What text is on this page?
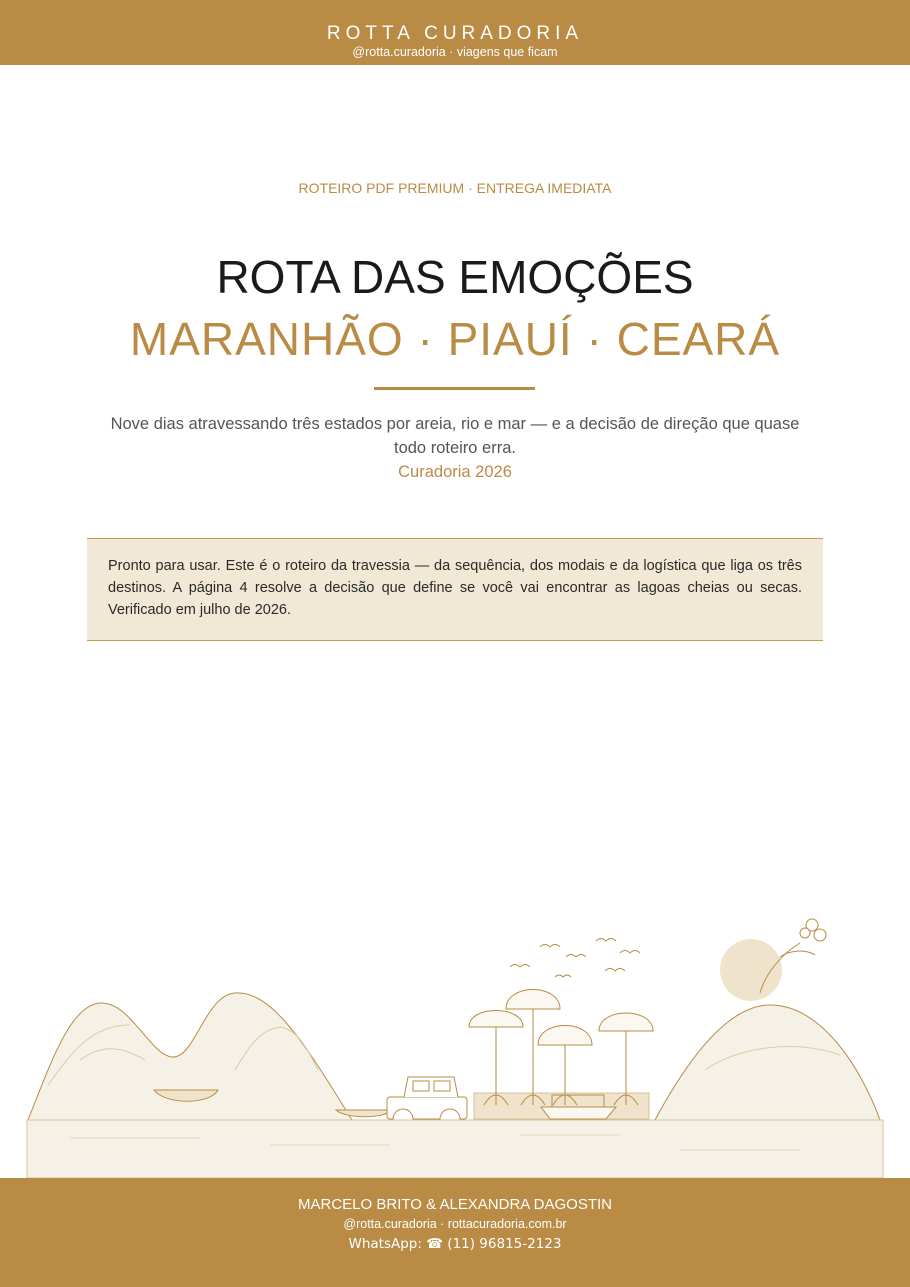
ROTTA CURADORIA
@rotta.curadoria · viagens que ficam
ROTEIRO PDF PREMIUM · ENTREGA IMEDIATA
ROTA DAS EMOÇÕES
MARANHÃO · PIAUÍ · CEARÁ
Nove dias atravessando três estados por areia, rio e mar — e a decisão de direção que quase todo roteiro erra.
Curadoria 2026
Pronto para usar. Este é o roteiro da travessia — da sequência, dos modais e da logística que liga os três destinos. A página 4 resolve a decisão que define se você vai encontrar as lagoas cheias ou secas. Verificado em julho de 2026.
MARCELO BRITO & ALEXANDRA DAGOSTIN
@rotta.curadoria · rottacuradoria.com.br
WhatsApp: ☎ (11) 96815-2123
